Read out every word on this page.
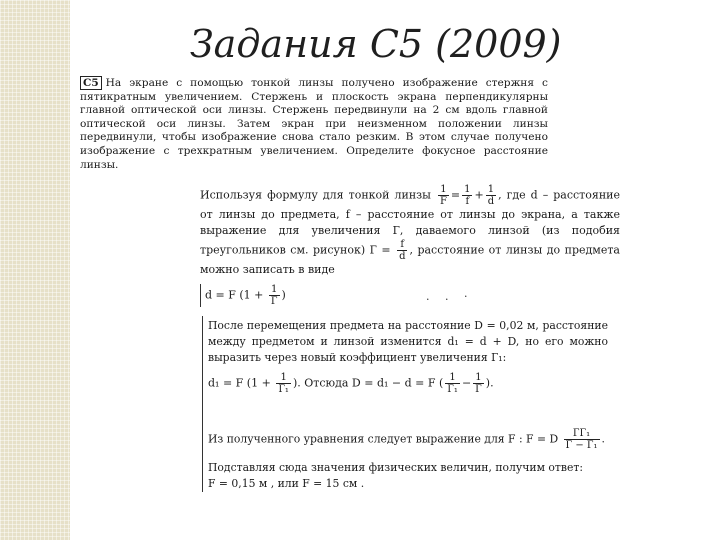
Задания С5 (2009)

С5 На экране с помощью тонкой линзы получено изображение стержня с пятикратным увеличением. Стержень и плоскость экрана перпендикулярны главной оптической оси линзы. Стержень передвинули на 2 см вдоль главной оптической оси линзы. Затем экран при неизменном положении линзы передвинули, чтобы изображение снова стало резким. В этом случае получено изображение с трехкратным увеличением. Определите фокусное расстояние линзы.

Используя формулу для тонкой линзы $\frac{1}{F} = \frac{1}{f} + \frac{1}{d}$ , где d – расстояние от линзы до предмета, f – расстояние от линзы до экрана, а также выражение для увеличения Г, даваемого линзой (из подобия треугольников см. рисунок) $Г = \frac{f}{d}$ , расстояние от линзы до предмета можно записать в виде

d = F ($1 + \frac{1}{Г}$ )	. . ·

После перемещения предмета на расстояние D = 0,02 м, расстояние между предметом и линзой изменится d₁ = d + D, но его можно выразить через новый коэффициент увеличения Г₁:

d₁ = F ($1 + \frac{1}{\text{Г₁}}$ ). Отсюда D = d₁ − d = F ( $\frac{1}{\text{Г₁}} - \frac{1}{Г}$ ).

Из полученного уравнения следует выражение для F : F = D $\frac{\text{ГГ₁}}{\text{Г − Г₁}}$ .

Подставляя сюда значения физических величин, получим ответ:

F = 0,15 м , или F = 15 см .
